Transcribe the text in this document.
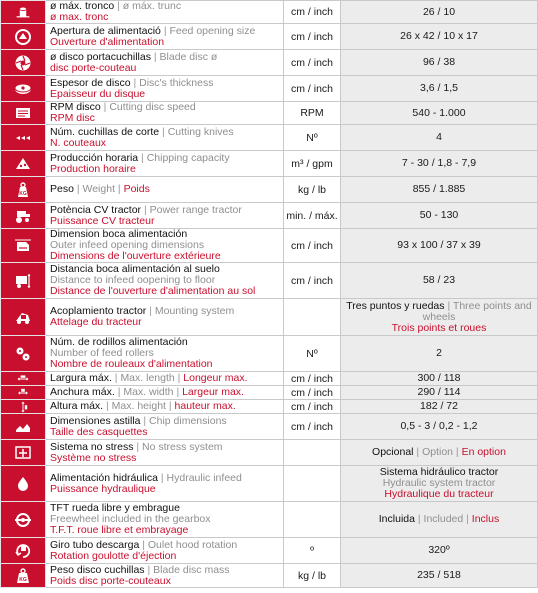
ø máx. tronco | ø máx. trunc
ø max. tronc	cm / inch	26 / 10

Apertura de alimentació | Feed opening size
Ouverture d'alimentation	cm / inch	26 x 42 / 10 x 17

ø disco portacuchillas | Blade disc ø
disc porte-couteau	cm / inch	96 / 38

Espesor de disco | Disc's thickness
Epaisseur du disque	cm / inch	3,6 / 1,5

RPM disco | Cutting disc speed
RPM disc	RPM	540 - 1.000

Núm. cuchillas de corte | Cutting knives
N. couteaux	Nº	4

Producción horaria | Chipping capacity
Production horaire	m³ / gpm	7 - 30 / 1,8 - 7,9

KG	Peso | Weight | Poids	kg / lb	855 / 1.885

Potència CV tractor | Power range tractor
Puissance CV tracteur	min. / máx.	50 - 130

Dimension boca alimentación
Outer infeed opening dimensions
Dimensions de l'ouverture extérieure	cm / inch	93 x 100 / 37 x 39

Distancia boca alimentación al suelo
Distance to infeed oopening to floor
Distance de l'ouverture d'alimentation au sol	cm / inch	58 / 23

Acoplamiento tractor | Mounting system
Attelage du tracteur		Tres puntos y ruedas | Three points and wheels
Trois points et roues

Núm. de rodillos alimentación
Number of feed rollers
Nombre de rouleaux d'alimentation	Nº	2

	Largura máx. | Max. length | Longeur max.	cm / inch	300 / 118

	Anchura máx. | Max. width | Largeur max.	cm / inch	290 / 114

	Altura máx. | Max. height | hauteur max.	cm / inch	182 / 72

Dimensiones astilla | Chip dimensions
Taille des casquettes	cm / inch	0,5 - 3 / 0,2 - 1,2

Sistema no stress | No stress system
Système no stress		Opcional | Option | En option

Alimentación hidráulica | Hydraulic infeed
Puissance hydraulique		Sistema hidráulico tractor
Hydraulic system tractor
Hydraulique du tracteur

TFT rueda libre y embrague
Freewheel included in the gearbox
T.F.T. roue libre et embrayage		Incluida | Included | Inclus

Giro tubo descarga | Oulet hood rotation
Rotation goulotte d'éjection	º	320º

KG	Peso disco cuchillas | Blade disc mass
Poids disc porte-couteaux	kg / lb	235 / 518
